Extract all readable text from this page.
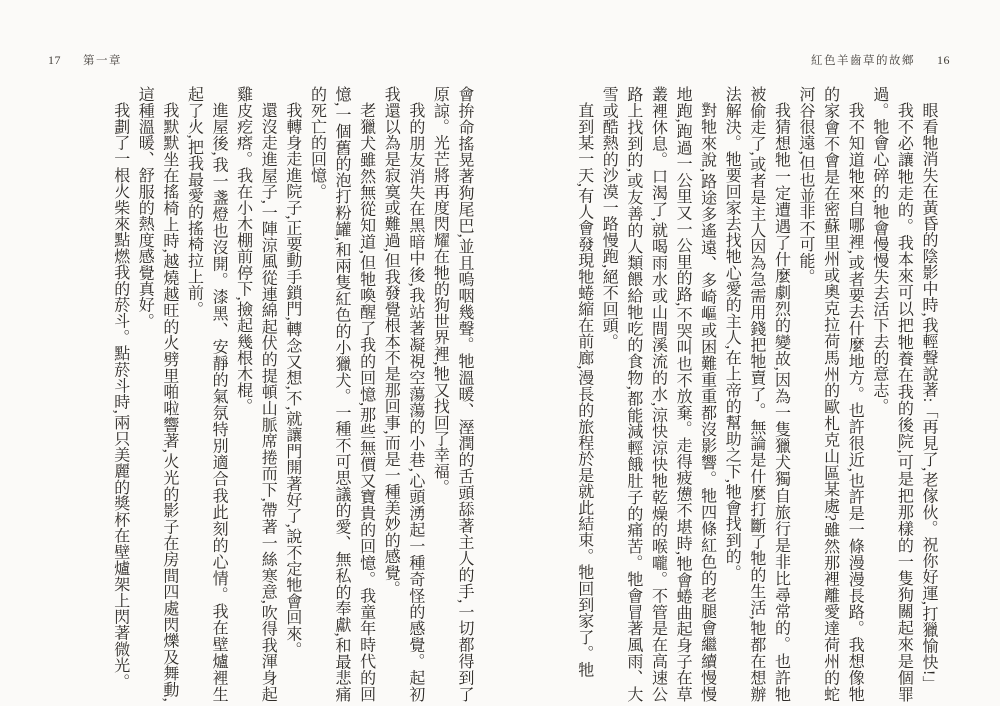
17 第一章

會拚命搖晃著狗尾巴,並且嗚咽幾聲。牠溫暖、溼潤的舌頭舔著主人的手,一切都得到了原諒。光芒將再度閃耀在牠的狗世界裡,牠又找回了幸福。

我的朋友消失在黑暗中後,我站著凝視空蕩蕩的小巷,心頭湧起一種奇怪的感覺。起初我還以為是寂寞或難過,但我發覺根本不是那回事,而是一種美妙的感覺。

老獵犬雖然無從知道,但牠喚醒了我的回憶,那些無價又寶貴的回憶。我童年時代的回憶,一個舊的泡打粉罐,和兩隻紅色的小獵犬。一種不可思議的愛、無私的奉獻,和最悲痛的死亡的回憶。

我轉身走進院子,正要動手鎖門,轉念又想,不,就讓門開著好了,說不定牠會回來。

還沒走進屋子,一陣涼風從連綿起伏的提頓山脈席捲而下,帶著一絲寒意,吹得我渾身起雞皮疙瘩。我在小木棚前停下,撿起幾根木棍。

進屋後,我一盞燈也沒開。漆黑、安靜的氣氛特別適合我此刻的心情。我在壁爐裡生起了火,把我最愛的搖椅拉上前。

我默默坐在搖椅上時,越燒越旺的火劈里啪啦響著,火光的影子在房間四處閃爍及舞動,這種溫暖、舒服的熱度感覺真好。

我劃了一根火柴來點燃我的菸斗。點菸斗時,兩只美麗的獎杯在壁爐架上閃著微光。

紅色羊齒草的故鄉 16

眼看牠消失在黃昏的陰影中時,我輕聲說著:「再見了,老傢伙。祝你好運,打獵愉快!」

我不必讓牠走的。我本來可以把牠養在我的後院,可是把那樣的一隻狗關起來是個罪過。牠會心碎的,牠會慢慢失去活下去的意志。

我不知道牠來自哪裡,或者要去什麼地方。也許很近,也許是一條漫漫長路。我想像牠的家會不會是在密蘇里州或奧克拉荷馬州的歐札克山區某處?雖然那裡離愛達荷州的蛇河谷很遠,但也並非不可能。

我猜想牠一定遭遇了什麼劇烈的變故,因為一隻獵犬獨自旅行是非比尋常的。也許牠被偷走了,或者是主人因為急需用錢把牠賣了。無論是什麼打斷了牠的生活,牠都在想辦法解決。牠要回家去找牠心愛的主人,在上帝的幫助之下,牠會找到的。

對牠來說,路途多遙遠、多崎嶇或困難重重都沒影響。牠四條紅色的老腿會繼續慢慢地跑,跑過一公里又一公里的路,不哭叫也不放棄。走得疲憊不堪時,牠會蜷曲起身子在草叢裡休息。口渴了,就喝雨水或山間溪流的水,涼快涼快牠乾燥的喉嚨。不管是在高速公路上找到的,或友善的人類餵給牠吃的食物,都能減輕餓肚子的痛苦。牠會冒著風雨、大雪或酷熱的沙漠一路慢跑,絕不回頭。

直到某一天,有人會發現牠蜷縮在前廊,漫長的旅程於是就此結束。牠回到家了。牠
